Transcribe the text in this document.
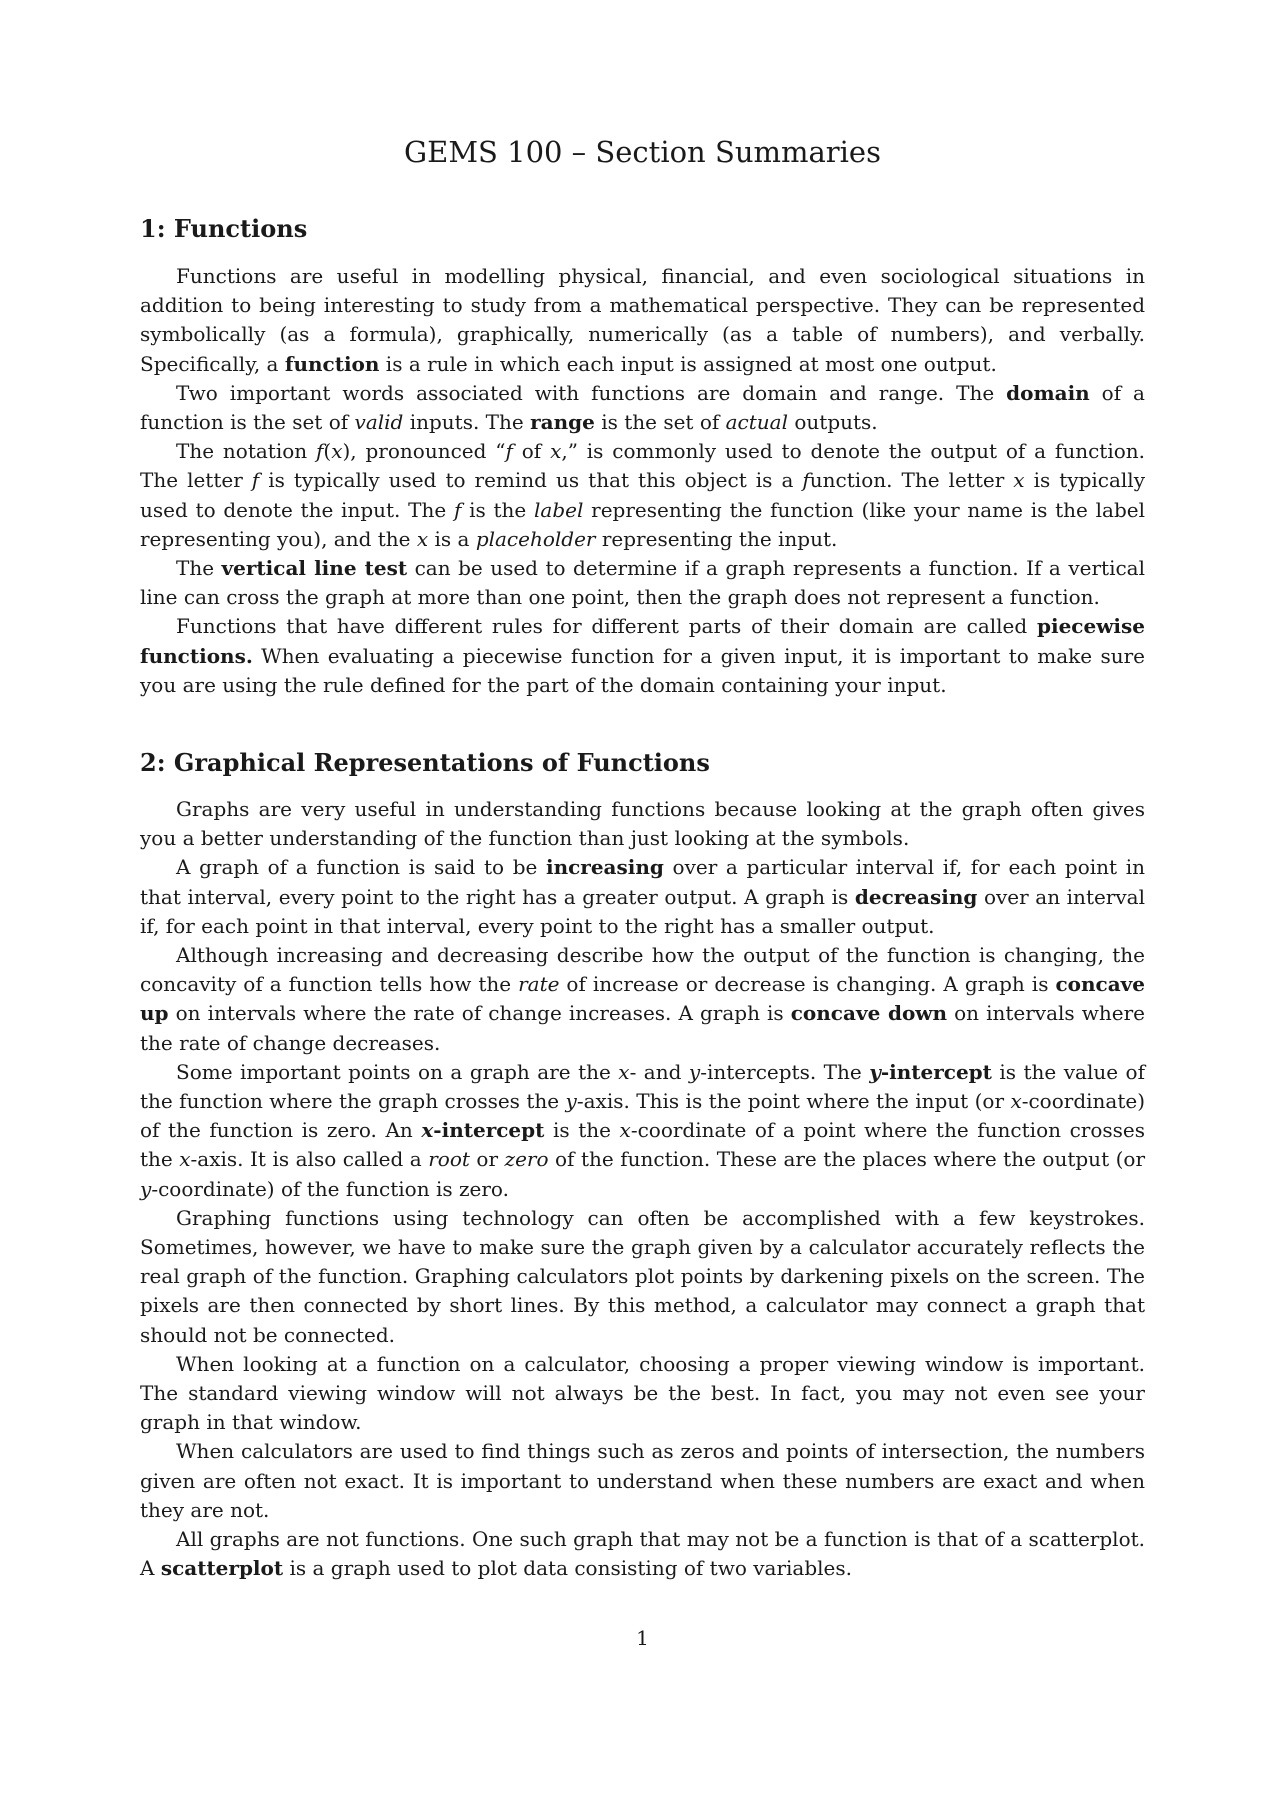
GEMS 100 – Section Summaries
1: Functions

Functions are useful in modelling physical, financial, and even sociological situations in addition to being interesting to study from a mathematical perspective. They can be represented symbolically (as a formula), graphically, numerically (as a table of numbers), and verbally. Specifically, a function is a rule in which each input is assigned at most one output.

Two important words associated with functions are domain and range. The domain of a function is the set of valid inputs. The range is the set of actual outputs.

The notation f(x), pronounced “f of x,” is commonly used to denote the output of a function. The letter f is typically used to remind us that this object is a function. The letter x is typically used to denote the input. The f is the label representing the function (like your name is the label representing you), and the x is a placeholder representing the input.

The vertical line test can be used to determine if a graph represents a function. If a vertical line can cross the graph at more than one point, then the graph does not represent a function.

Functions that have different rules for different parts of their domain are called piecewise functions. When evaluating a piecewise function for a given input, it is important to make sure you are using the rule defined for the part of the domain containing your input.

2: Graphical Representations of Functions

Graphs are very useful in understanding functions because looking at the graph often gives you a better understanding of the function than just looking at the symbols.

A graph of a function is said to be increasing over a particular interval if, for each point in that interval, every point to the right has a greater output. A graph is decreasing over an interval if, for each point in that interval, every point to the right has a smaller output.

Although increasing and decreasing describe how the output of the function is changing, the concavity of a function tells how the rate of increase or decrease is changing. A graph is concave up on intervals where the rate of change increases. A graph is concave down on intervals where the rate of change decreases.

Some important points on a graph are the x- and y-intercepts. The y-intercept is the value of the function where the graph crosses the y-axis. This is the point where the input (or x-coordinate) of the function is zero. An x-intercept is the x-coordinate of a point where the function crosses the x-axis. It is also called a root or zero of the function. These are the places where the output (or y-coordinate) of the function is zero.

Graphing functions using technology can often be accomplished with a few keystrokes. Sometimes, however, we have to make sure the graph given by a calculator accurately reflects the real graph of the function. Graphing calculators plot points by darkening pixels on the screen. The pixels are then connected by short lines. By this method, a calculator may connect a graph that should not be connected.

When looking at a function on a calculator, choosing a proper viewing window is important. The standard viewing window will not always be the best. In fact, you may not even see your graph in that window.

When calculators are used to find things such as zeros and points of intersection, the numbers given are often not exact. It is important to understand when these numbers are exact and when they are not.

All graphs are not functions. One such graph that may not be a function is that of a scatterplot. A scatterplot is a graph used to plot data consisting of two variables.

1
